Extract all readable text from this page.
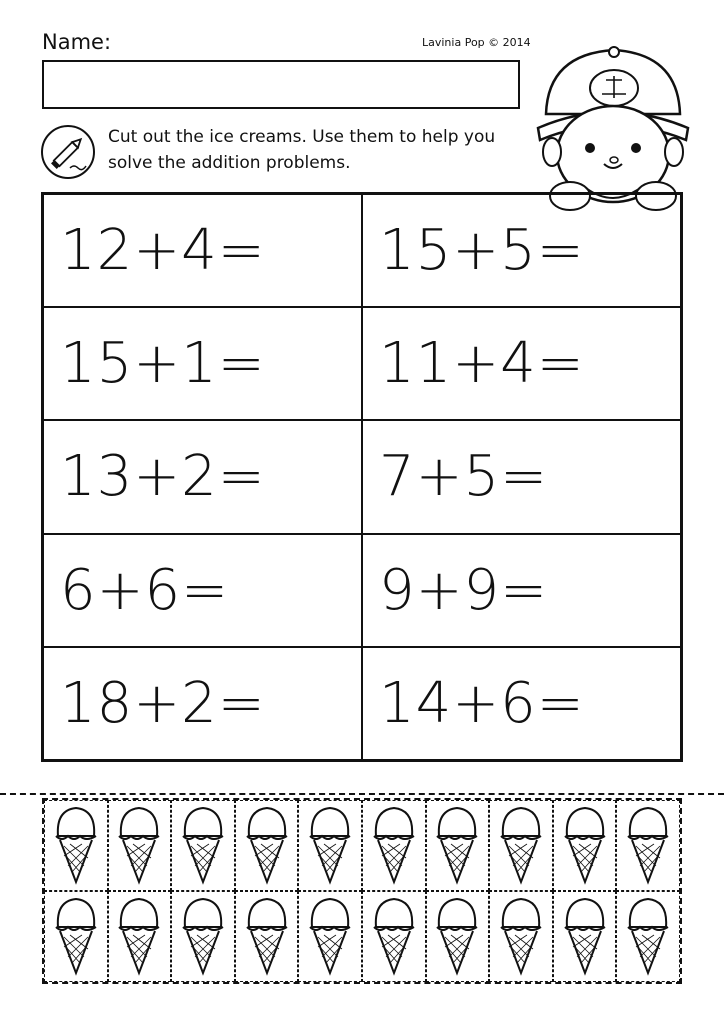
Name:	Lavinia Pop © 2014
Cut out the ice creams. Use them to help you
solve the addition problems.
12+4=	15+5=
15+1=	11+4=
13+2=	7+5=
6+6=	9+9=
18+2=	14+6=
